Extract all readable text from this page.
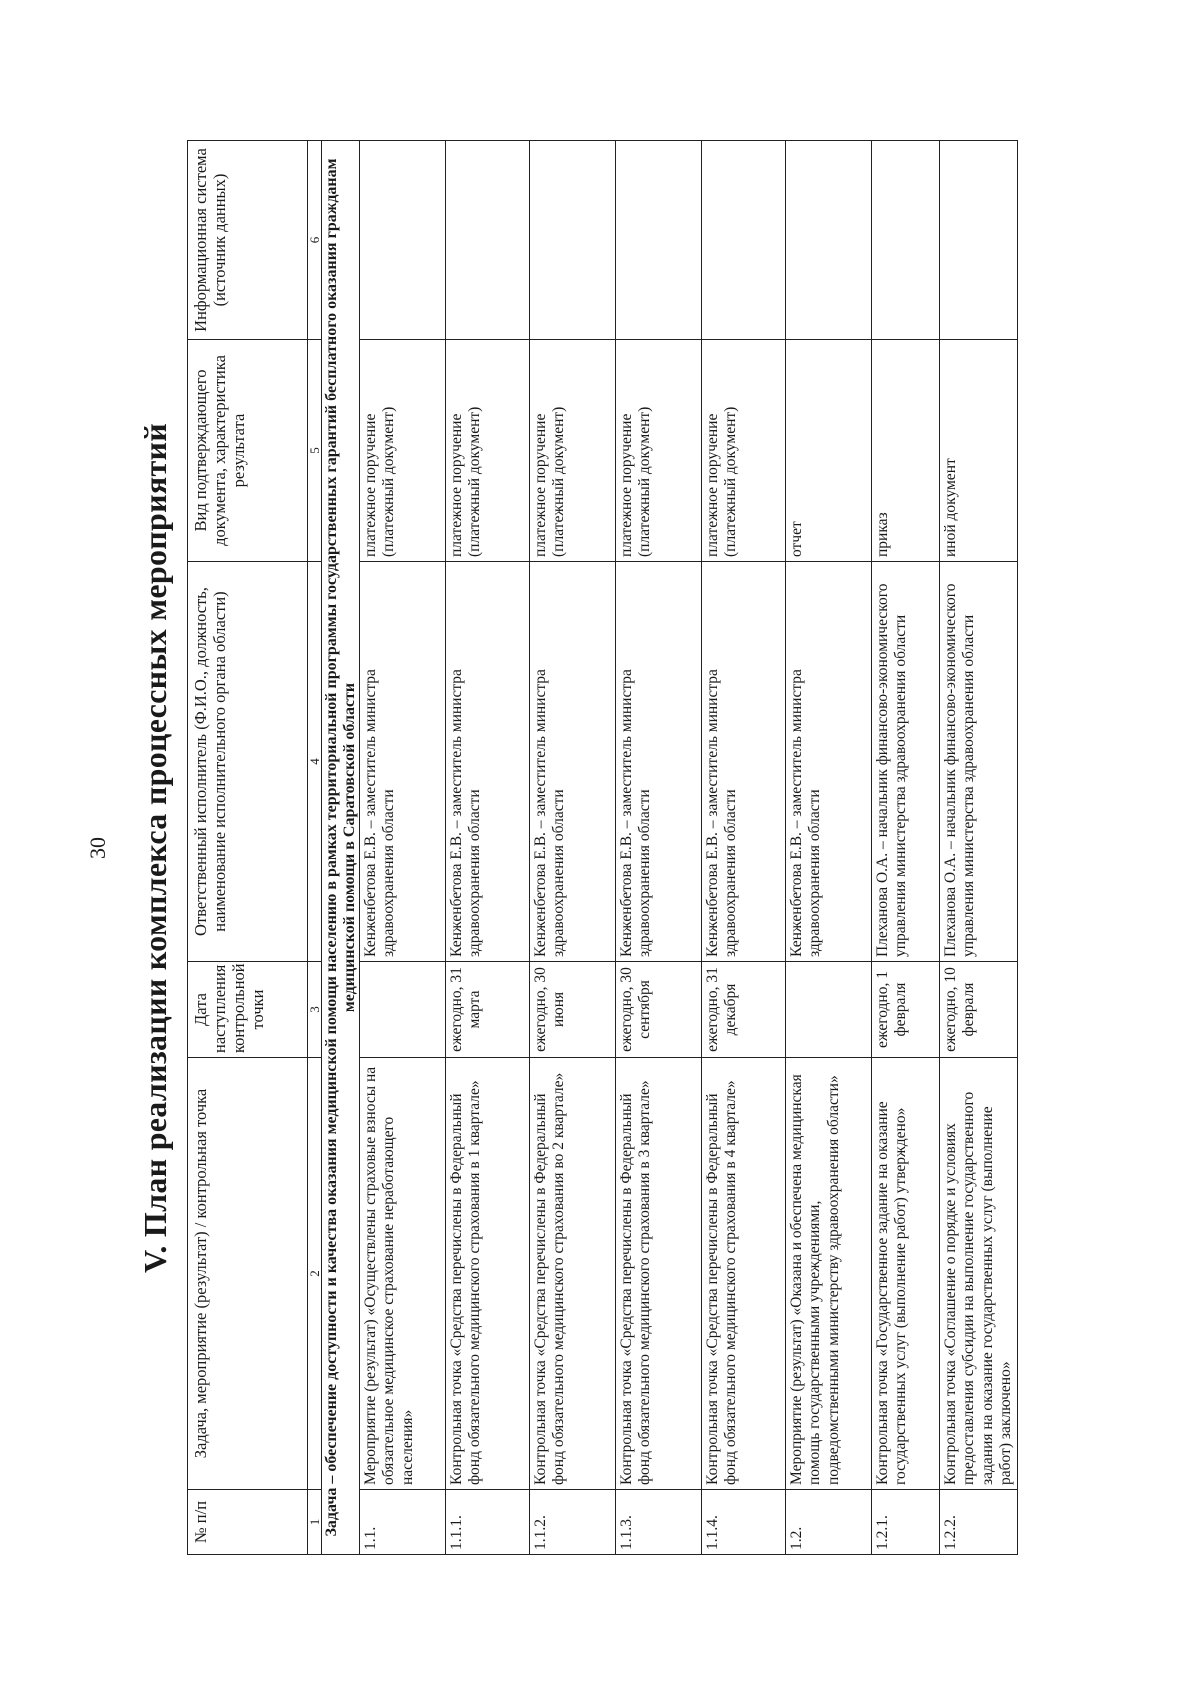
30 V. План реализации комплекса процессных мероприятий
№ п/п	Задача, мероприятие (результат) / контрольная точка	Дата наступления контрольной точки	Ответственный исполнитель (Ф.И.О., должность, наименование исполнительного органа области)	Вид подтверждающего документа, характеристика результата	Информационная система (источник данных)
1	2	3	4	5	6
Задача – обеспечение доступности и качества оказания медицинской помощи населению в рамках территориальной программы государственных гарантий бесплатного оказания гражданам медицинской помощи в Саратовской области					
1.1.	Мероприятие (результат) «Осуществлены страховые взносы на обязательное медицинское страхование неработающего населения»		Кенженбетова Е.В. – заместитель министра здравоохранения области	платежное поручение (платежный документ)	
1.1.1.	Контрольная точка «Средства перечислены в Федеральный фонд обязательного медицинского страхования в 1 квартале»	ежегодно, 31 марта	Кенженбетова Е.В. – заместитель министра здравоохранения области	платежное поручение (платежный документ)	
1.1.2.	Контрольная точка «Средства перечислены в Федеральный фонд обязательного медицинского страхования во 2 квартале»	ежегодно, 30 июня	Кенженбетова Е.В. – заместитель министра здравоохранения области	платежное поручение (платежный документ)	
1.1.3.	Контрольная точка «Средства перечислены в Федеральный фонд обязательного медицинского страхования в 3 квартале»	ежегодно, 30 сентября	Кенженбетова Е.В. – заместитель министра здравоохранения области	платежное поручение (платежный документ)	
1.1.4.	Контрольная точка «Средства перечислены в Федеральный фонд обязательного медицинского страхования в 4 квартале»	ежегодно, 31 декабря	Кенженбетова Е.В. – заместитель министра здравоохранения области	платежное поручение (платежный документ)	
1.2.	Мероприятие (результат) «Оказана и обеспечена медицинская помощь государственными учреждениями, подведомственными министерству здравоохранения области»		Кенженбетова Е.В. – заместитель министра здравоохранения области	отчет	
1.2.1.	Контрольная точка «Государственное задание на оказание государственных услуг (выполнение работ) утверждено»	ежегодно, 1 февраля	Плеханова О.А. – начальник финансово-экономического управления министерства здравоохранения области	приказ	
1.2.2.	Контрольная точка «Соглашение о порядке и условиях предоставления субсидии на выполнение государственного задания на оказание государственных услуг (выполнение работ) заключено»	ежегодно, 10 февраля	Плеханова О.А. – начальник финансово-экономического управления министерства здравоохранения области	иной документ	
